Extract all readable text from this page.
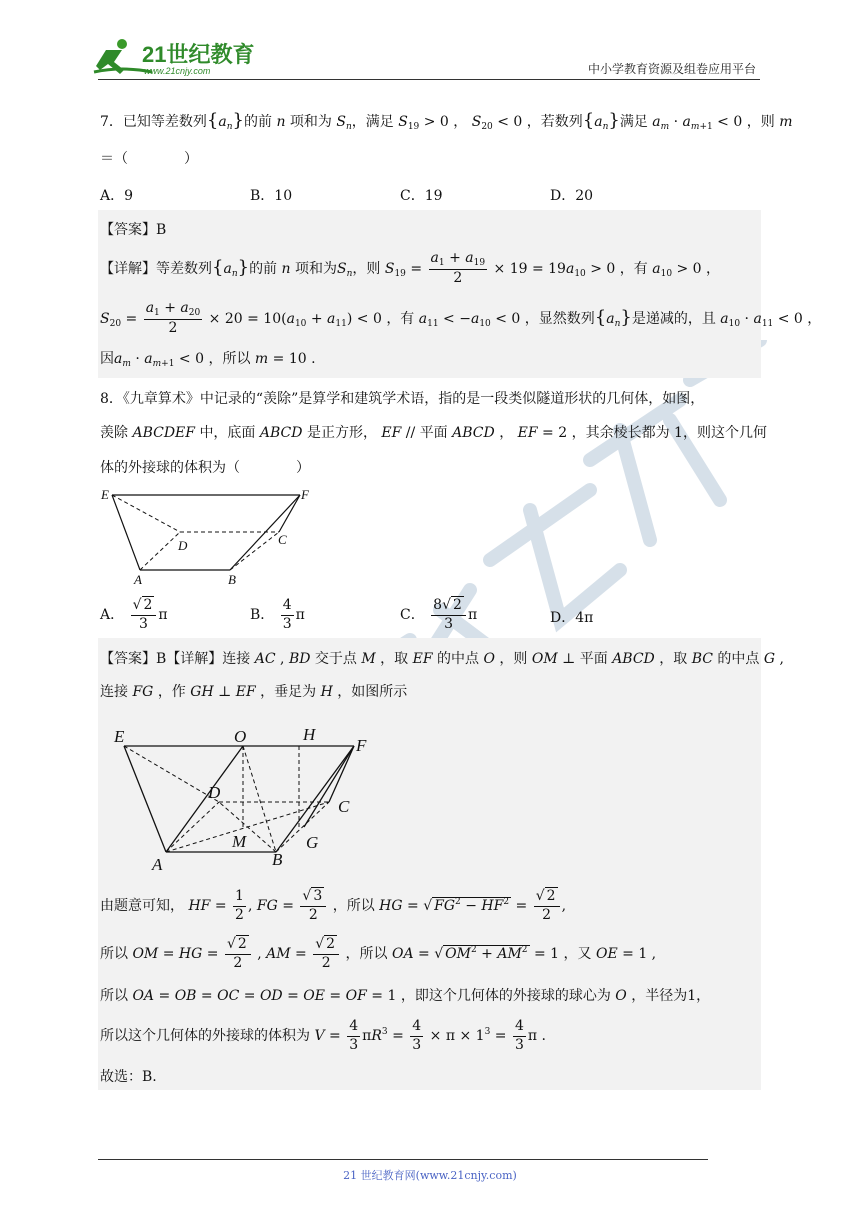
21世纪教育
www.21cnjy.com	中小学教育资源及组卷应用平台
7．已知等差数列$\{a_n\}$的前 n 项和为 $S_n$，满足 $S_{19} > 0$ ， $S_{20} < 0$ ，若数列$\{a_n\}$满足 $a_m \cdot a_{m+1} < 0$ ，则 m
＝（　　　　）
A．9	B．10	C．19	D．20
【答案】B
【详解】等差数列$\{a_n\}$的前 n 项和为$S_n$，则 $S_{19} = \frac{a_1 + a_{19}}{2} \times 19 = 19a_{10} > 0$ ，有 $a_{10} > 0$ ，
$S_{20} = \frac{a_1 + a_{20}}{2} \times 20 = 10(a_{10} + a_{11}) < 0$ ，有 $a_{11} < -a_{10} < 0$ ，显然数列$\{a_n\}$是递减的，且 $a_{10} \cdot a_{11} < 0$ ，
因$a_m \cdot a_{m+1} < 0$ ，所以 m = 10 .
8．《九章算术》中记录的“羡除”是算学和建筑学术语，指的是一段类似隧道形状的几何体，如图，
羡除 ABCDEF 中，底面 ABCD 是正方形， EF // 平面 ABCD ， EF = 2 ，其余棱长都为 1，则这个几何
体的外接球的体积为（　　　　）
E	F
D	C
A	B
A． $\frac{√ 2}{3}$ π	B． $\frac{4}{3}$ π	C． $\frac{8√ 2}{3}$ π	D．4π
【答案】B【详解】连接 AC , BD 交于点 M ，取 EF 的中点 O ，则 OM ⊥ 平面 ABCD ，取 BC 的中点 G ,
连接 FG ，作 GH ⊥ EF ，垂足为 H ，如图所示
E	O	H
F
D
C
M	G
A	B
由题意可知， HF = $\frac{1}{2}$ , FG = $\frac{√ 3}{2}$ ，所以 HG = √ $FG^2 - HF^2 = \frac{√ 2}{2}$ ,
所以 OM = HG = $\frac{√ 2}{2}$ , AM = $\frac{√ 2}{2}$ ，所以 OA = √ $OM^2 + AM^2 = 1$ ，又 OE = 1 ,
所以 OA = OB = OC = OD = OE = OF = 1 ，即这个几何体的外接球的球心为 O ，半径为1，
所以这个几何体的外接球的体积为 $V = \frac{4}{3} \pi R^3 = \frac{4}{3} \times \pi \times 1^3 = \frac{4}{3}$ π .
故选：B.
21 世纪教育网(www.21cnjy.com)
